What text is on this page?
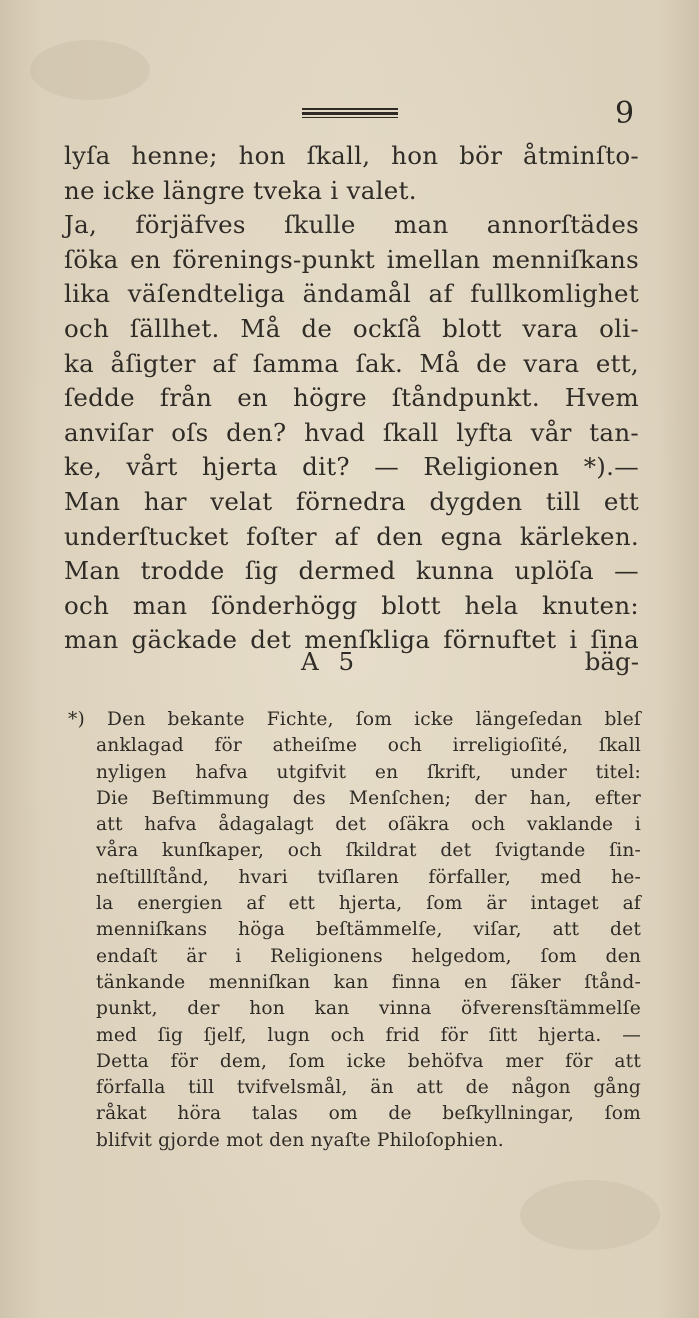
9

lyſa henne; hon ſkall, hon bör åtminſto-
ne icke längre tveka i valet.
Ja, förjäfves ſkulle man annorſtädes
ſöka en förenings-punkt imellan menniſkans
lika väſendteliga ändamål af fullkomlighet
och ſällhet. Må de ockſå blott vara oli-
ka åſigter af ſamma ſak. Må de vara ett,
ſedde från en högre ſtåndpunkt. Hvem
anviſar oſs den? hvad ſkall lyfta vår tan-
ke, vårt hjerta dit? — Religionen *).—
Man har velat förnedra dygden till ett
underſtucket foſter af den egna kärleken.
Man trodde ſig dermed kunna uplöſa —
och man ſönderhögg blott hela knuten:
man gäckade det menſkliga förnuftet i ſina
A 5	bäg-
*) Den bekante Fichte, ſom icke längeſedan bleſ
anklagad för atheiſme och irreligioſité, ſkall
nyligen hafva utgifvit en ſkrift, under titel:
Die Beſtimmung des Menſchen; der han, efter
att hafva ådagalagt det oſäkra och vaklande i
våra kunſkaper, och ſkildrat det ſvigtande ſin-
neſtillſtånd, hvari tviſlaren förfaller, med he-
la energien af ett hjerta, ſom är intaget af
menniſkans höga beſtämmelſe, viſar, att det
endaſt är i Religionens helgedom, ſom den
tänkande menniſkan kan finna en ſäker ſtånd-
punkt, der hon kan vinna öfverensſtämmelſe
med ſig ſjelf, lugn och frid för ſitt hjerta. —
Detta för dem, ſom icke behöfva mer för att
förfalla till tvifvelsmål, än att de någon gång
råkat höra talas om de beſkyllningar, ſom
blifvit gjorde mot den nyaſte Philoſophien.
